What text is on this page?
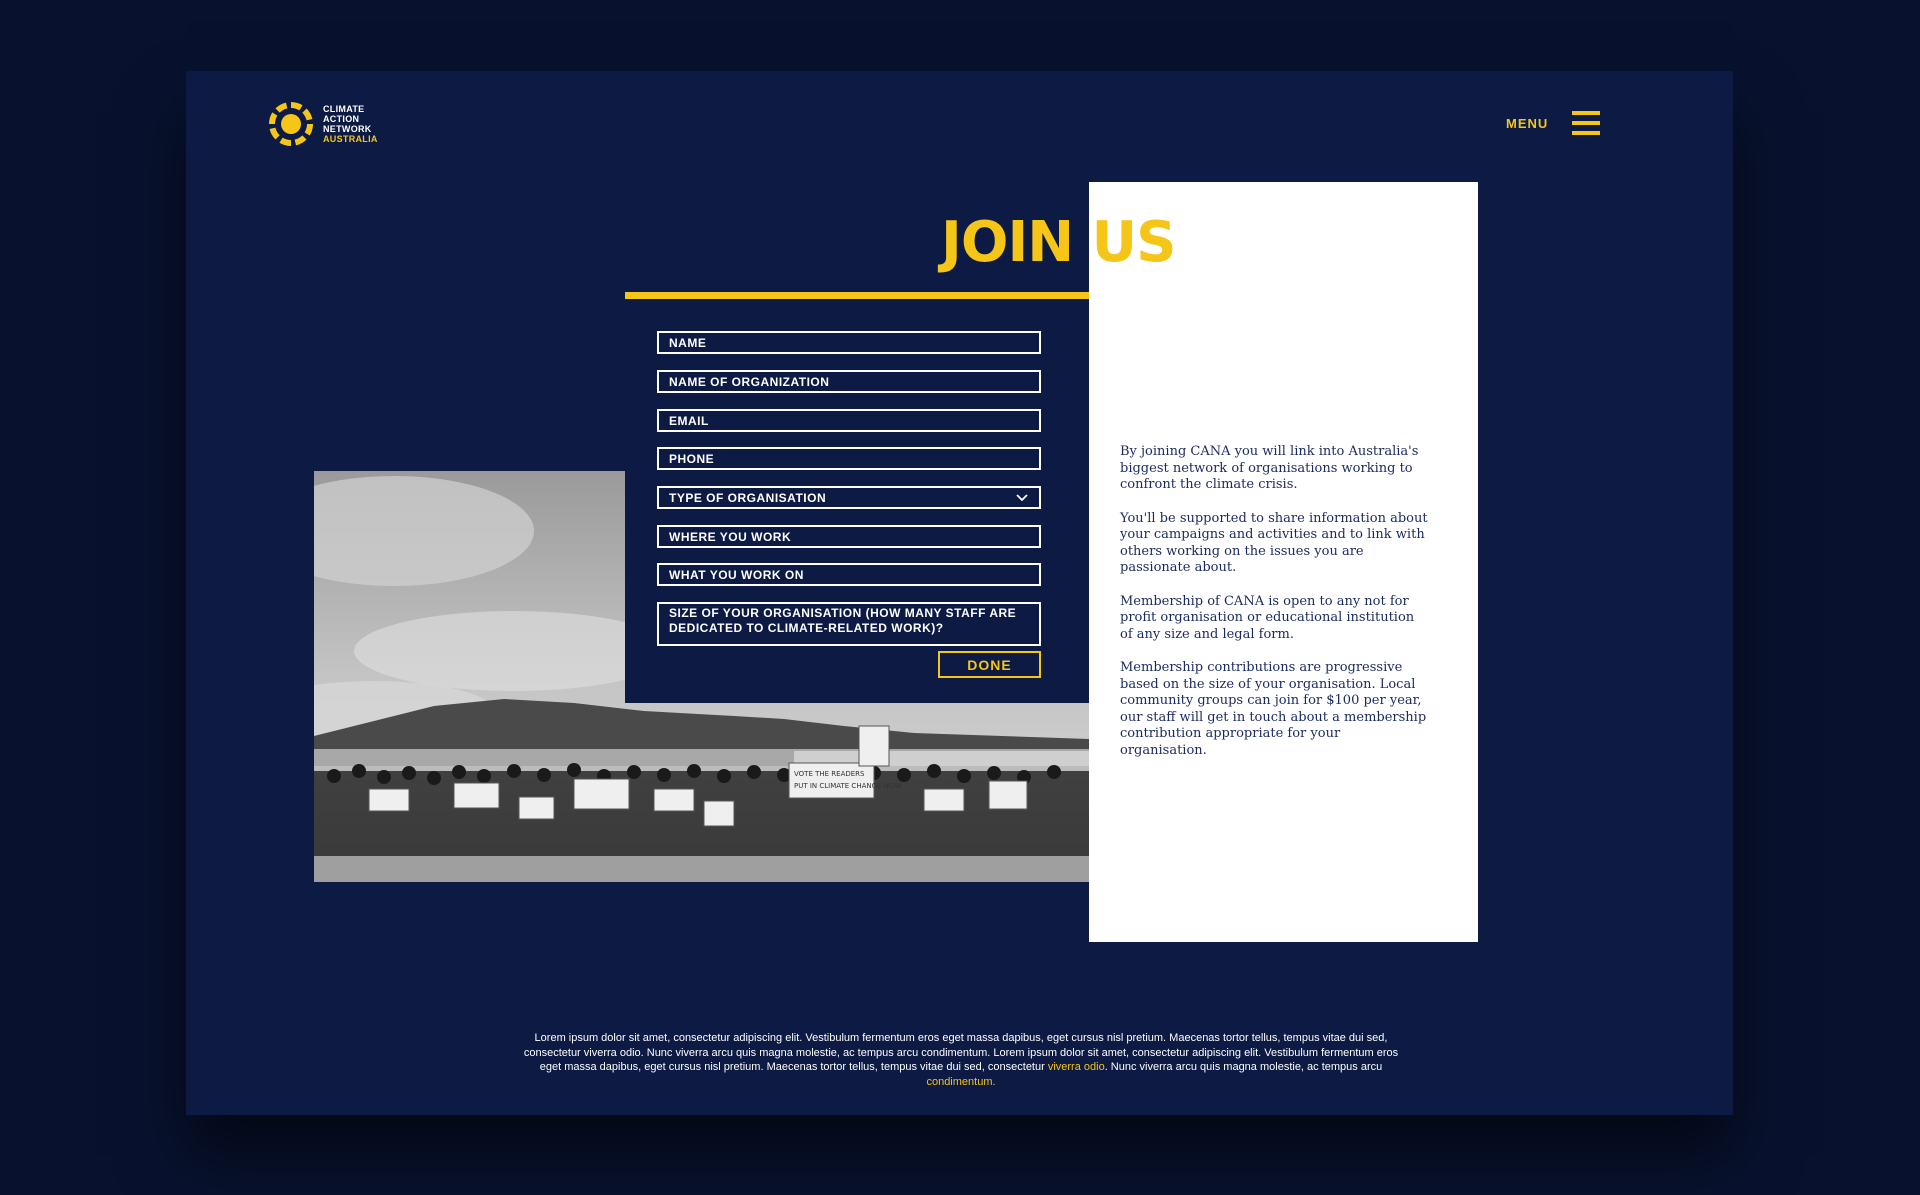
CLIMATE
ACTION
NETWORK
AUSTRALIA
MENU
VOTE THE READERS
PUT IN CLIMATE CHANGE NOW
JOIN US
NAME
NAME OF ORGANIZATION
EMAIL
PHONE
TYPE OF ORGANISATION
WHERE YOU WORK
WHAT YOU WORK ON
SIZE OF YOUR ORGANISATION (HOW MANY STAFF ARE DEDICATED TO CLIMATE-RELATED WORK)?
DONE

By joining CANA you will link into Australia's biggest network of organisations working to confront the climate crisis.

You'll be supported to share information about your campaigns and activities and to link with others working on the issues you are passionate about.

Membership of CANA is open to any not for profit organisation or educational institution of any size and legal form.

Membership contributions are progressive based on the size of your organisation. Local community groups can join for $100 per year, our staff will get in touch about a membership contribution appropriate for your organisation.

Lorem ipsum dolor sit amet, consectetur adipiscing elit. Vestibulum fermentum eros eget massa dapibus, eget cursus nisl pretium. Maecenas tortor tellus, tempus vitae dui sed, consectetur viverra odio. Nunc viverra arcu quis magna molestie, ac tempus arcu condimentum. Lorem ipsum dolor sit amet, consectetur adipiscing elit. Vestibulum fermentum eros eget massa dapibus, eget cursus nisl pretium. Maecenas tortor tellus, tempus vitae dui sed, consectetur viverra odio. Nunc viverra arcu quis magna molestie, ac tempus arcu condimentum.
